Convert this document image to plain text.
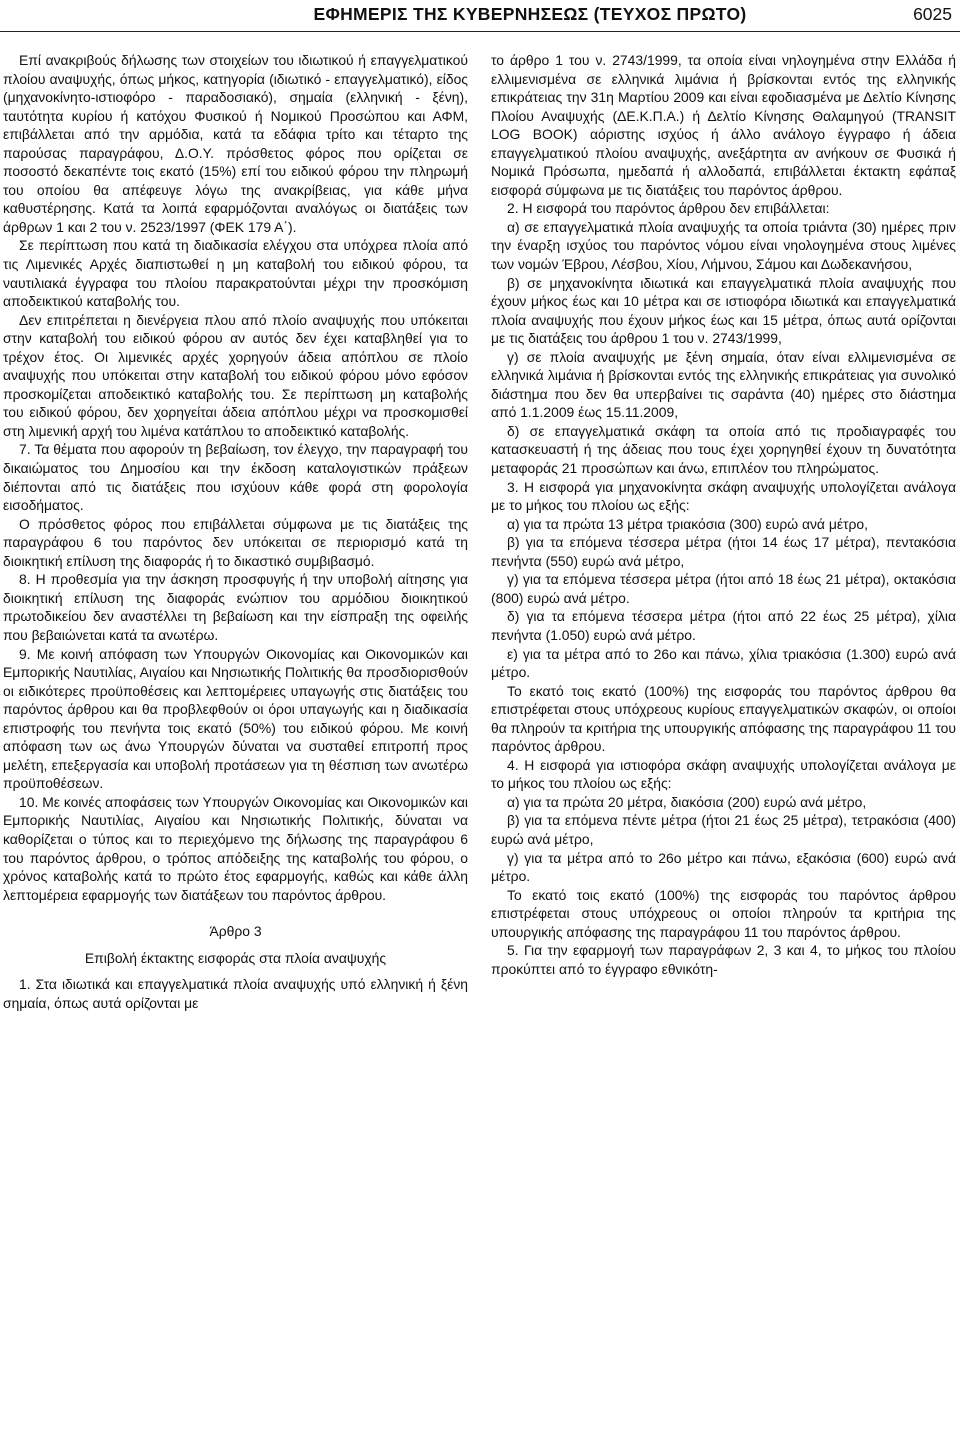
ΕΦΗΜΕΡΙΣ ΤΗΣ ΚΥΒΕΡΝΗΣΕΩΣ (ΤΕΥΧΟΣ ΠΡΩΤΟ)	6025

Επί ανακριβούς δήλωσης των στοιχείων του ιδιωτικού ή επαγγελματικού πλοίου αναψυχής, όπως μήκος, κατηγορία (ιδιωτικό - επαγγελματικό), είδος (μηχανοκίνητο-ιστιοφόρο - παραδοσιακό), σημαία (ελληνική - ξένη), ταυτότητα κυρίου ή κατόχου Φυσικού ή Νομικού Προσώπου και ΑΦΜ, επιβάλλεται από την αρμόδια, κατά τα εδάφια τρίτο και τέταρτο της παρούσας παραγράφου, Δ.Ο.Υ. πρόσθετος φόρος που ορίζεται σε ποσοστό δεκαπέντε τοις εκατό (15%) επί του ειδικού φόρου την πληρωμή του οποίου θα απέφευγε λόγω της ανακρίβειας, για κάθε μήνα καθυστέρησης. Κατά τα λοιπά εφαρμόζονται αναλόγως οι διατάξεις των άρθρων 1 και 2 του ν. 2523/1997 (ΦΕΚ 179 Α΄).

Σε περίπτωση που κατά τη διαδικασία ελέγχου στα υπόχρεα πλοία από τις Λιμενικές Αρχές διαπιστωθεί η μη καταβολή του ειδικού φόρου, τα ναυτιλιακά έγγραφα του πλοίου παρακρατούνται μέχρι την προσκόμιση αποδεικτικού καταβολής του.

Δεν επιτρέπεται η διενέργεια πλου από πλοίο αναψυχής που υπόκειται στην καταβολή του ειδικού φόρου αν αυτός δεν έχει καταβληθεί για το τρέχον έτος. Οι λιμενικές αρχές χορηγούν άδεια απόπλου σε πλοίο αναψυχής που υπόκειται στην καταβολή του ειδικού φόρου μόνο εφόσον προσκομίζεται αποδεικτικό καταβολής του. Σε περίπτωση μη καταβολής του ειδικού φόρου, δεν χορηγείται άδεια απόπλου μέχρι να προσκομισθεί στη λιμενική αρχή του λιμένα κατάπλου το αποδεικτικό καταβολής.

7. Τα θέματα που αφορούν τη βεβαίωση, τον έλεγχο, την παραγραφή του δικαιώματος του Δημοσίου και την έκδοση καταλογιστικών πράξεων διέπονται από τις διατάξεις που ισχύουν κάθε φορά στη φορολογία εισοδήματος.

Ο πρόσθετος φόρος που επιβάλλεται σύμφωνα με τις διατάξεις της παραγράφου 6 του παρόντος δεν υπόκειται σε περιορισμό κατά τη διοικητική επίλυση της διαφοράς ή το δικαστικό συμβιβασμό.

8. Η προθεσμία για την άσκηση προσφυγής ή την υποβολή αίτησης για διοικητική επίλυση της διαφοράς ενώπιον του αρμόδιου διοικητικού πρωτοδικείου δεν αναστέλλει τη βεβαίωση και την είσπραξη της οφειλής που βεβαιώνεται κατά τα ανωτέρω.

9. Με κοινή απόφαση των Υπουργών Οικονομίας και Οικονομικών και Εμπορικής Ναυτιλίας, Αιγαίου και Νησιωτικής Πολιτικής θα προσδιορισθούν οι ειδικότερες προϋποθέσεις και λεπτομέρειες υπαγωγής στις διατάξεις του παρόντος άρθρου και θα προβλεφθούν οι όροι υπαγωγής και η διαδικασία επιστροφής του πενήντα τοις εκατό (50%) του ειδικού φόρου. Με κοινή απόφαση των ως άνω Υπουργών δύναται να συσταθεί επιτροπή προς μελέτη, επεξεργασία και υποβολή προτάσεων για τη θέσπιση των ανωτέρω προϋποθέσεων.

10. Με κοινές αποφάσεις των Υπουργών Οικονομίας και Οικονομικών και Εμπορικής Ναυτιλίας, Αιγαίου και Νησιωτικής Πολιτικής, δύναται να καθορίζεται ο τύπος και το περιεχόμενο της δήλωσης της παραγράφου 6 του παρόντος άρθρου, ο τρόπος απόδειξης της καταβολής του φόρου, ο χρόνος καταβολής κατά το πρώτο έτος εφαρμογής, καθώς και κάθε άλλη λεπτομέρεια εφαρμογής των διατάξεων του παρόντος άρθρου.

Άρθρο 3

Επιβολή έκτακτης εισφοράς στα πλοία αναψυχής

1. Στα ιδιωτικά και επαγγελματικά πλοία αναψυχής υπό ελληνική ή ξένη σημαία, όπως αυτά ορίζονται με

το άρθρο 1 του ν. 2743/1999, τα οποία είναι νηλογημένα στην Ελλάδα ή ελλιμενισμένα σε ελληνικά λιμάνια ή βρίσκονται εντός της ελληνικής επικράτειας την 31η Μαρτίου 2009 και είναι εφοδιασμένα με Δελτίο Κίνησης Πλοίου Αναψυχής (ΔΕ.Κ.Π.Α.) ή Δελτίο Κίνησης Θαλαμηγού (TRANSIT LOG BOOK) αόριστης ισχύος ή άλλο ανάλογο έγγραφο ή άδεια επαγγελματικού πλοίου αναψυχής, ανεξάρτητα αν ανήκουν σε Φυσικά ή Νομικά Πρόσωπα, ημεδαπά ή αλλοδαπά, επιβάλλεται έκτακτη εφάπαξ εισφορά σύμφωνα με τις διατάξεις του παρόντος άρθρου.

2. Η εισφορά του παρόντος άρθρου δεν επιβάλλεται:

α) σε επαγγελματικά πλοία αναψυχής τα οποία τριάντα (30) ημέρες πριν την έναρξη ισχύος του παρόντος νόμου είναι νηολογημένα στους λιμένες των νομών Έβρου, Λέσβου, Χίου, Λήμνου, Σάμου και Δωδεκανήσου,

β) σε μηχανοκίνητα ιδιωτικά και επαγγελματικά πλοία αναψυχής που έχουν μήκος έως και 10 μέτρα και σε ιστιοφόρα ιδιωτικά και επαγγελματικά πλοία αναψυχής που έχουν μήκος έως και 15 μέτρα, όπως αυτά ορίζονται με τις διατάξεις του άρθρου 1 του ν. 2743/1999,

γ) σε πλοία αναψυχής με ξένη σημαία, όταν είναι ελλιμενισμένα σε ελληνικά λιμάνια ή βρίσκονται εντός της ελληνικής επικράτειας για συνολικό διάστημα που δεν θα υπερβαίνει τις σαράντα (40) ημέρες στο διάστημα από 1.1.2009 έως 15.11.2009,

δ) σε επαγγελματικά σκάφη τα οποία από τις προδιαγραφές του κατασκευαστή ή της άδειας που τους έχει χορηγηθεί έχουν τη δυνατότητα μεταφοράς 21 προσώπων και άνω, επιπλέον του πληρώματος.

3. Η εισφορά για μηχανοκίνητα σκάφη αναψυχής υπολογίζεται ανάλογα με το μήκος του πλοίου ως εξής:

α) για τα πρώτα 13 μέτρα τριακόσια (300) ευρώ ανά μέτρο,

β) για τα επόμενα τέσσερα μέτρα (ήτοι 14 έως 17 μέτρα), πεντακόσια πενήντα (550) ευρώ ανά μέτρο,

γ) για τα επόμενα τέσσερα μέτρα (ήτοι από 18 έως 21 μέτρα), οκτακόσια (800) ευρώ ανά μέτρο.

δ) για τα επόμενα τέσσερα μέτρα (ήτοι από 22 έως 25 μέτρα), χίλια πενήντα (1.050) ευρώ ανά μέτρο.

ε) για τα μέτρα από το 26ο και πάνω, χίλια τριακόσια (1.300) ευρώ ανά μέτρο.

Το εκατό τοις εκατό (100%) της εισφοράς του παρόντος άρθρου θα επιστρέφεται στους υπόχρεους κυρίους επαγγελματικών σκαφών, οι οποίοι θα πληρούν τα κριτήρια της υπουργικής απόφασης της παραγράφου 11 του παρόντος άρθρου.

4. Η εισφορά για ιστιοφόρα σκάφη αναψυχής υπολογίζεται ανάλογα με το μήκος του πλοίου ως εξής:

α) για τα πρώτα 20 μέτρα, διακόσια (200) ευρώ ανά μέτρο,

β) για τα επόμενα πέντε μέτρα (ήτοι 21 έως 25 μέτρα), τετρακόσια (400) ευρώ ανά μέτρο,

γ) για τα μέτρα από το 26ο μέτρο και πάνω, εξακόσια (600) ευρώ ανά μέτρο.

Το εκατό τοις εκατό (100%) της εισφοράς του παρόντος άρθρου επιστρέφεται στους υπόχρεους οι οποίοι πληρούν τα κριτήρια της υπουργικής απόφασης της παραγράφου 11 του παρόντος άρθρου.

5. Για την εφαρμογή των παραγράφων 2, 3 και 4, το μήκος του πλοίου προκύπτει από το έγγραφο εθνικότη-
